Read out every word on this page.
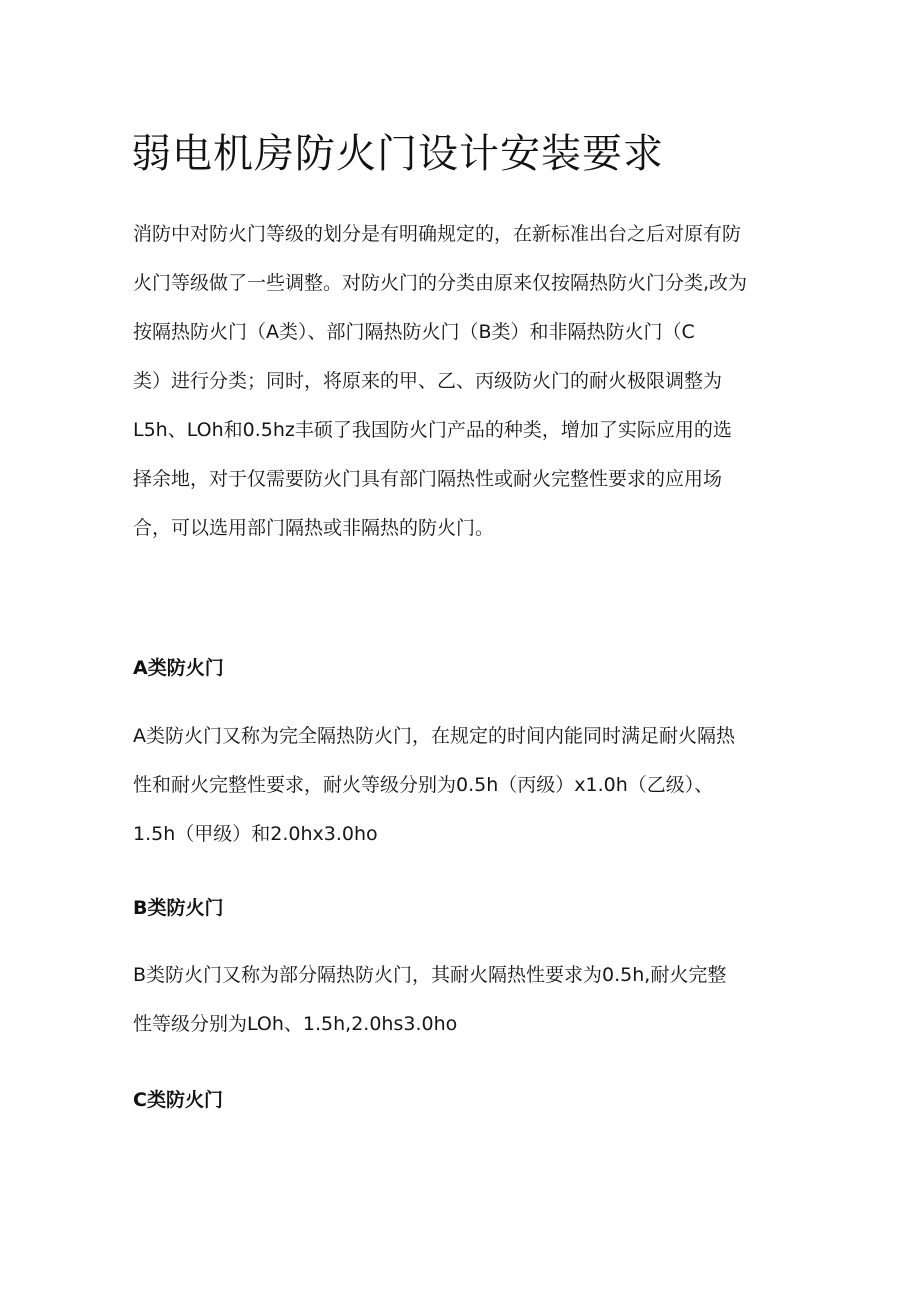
弱电机房防火门设计安装要求
消防中对防火门等级的划分是有明确规定的，在新标准出台之后对原有防
火门等级做了一些调整。对防火门的分类由原来仅按隔热防火门分类,改为
按隔热防火门（A类）、部门隔热防火门（B类）和非隔热防火门（C
类）进行分类；同时，将原来的甲、乙、丙级防火门的耐火极限调整为
L5h、LOh和0.5hz丰硕了我国防火门产品的种类，增加了实际应用的选
择余地，对于仅需要防火门具有部门隔热性或耐火完整性要求的应用场
合，可以选用部门隔热或非隔热的防火门。
A类防火门
A类防火门又称为完全隔热防火门，在规定的时间内能同时满足耐火隔热
性和耐火完整性要求，耐火等级分别为0.5h（丙级）x1.0h（乙级）、
1.5h（甲级）和2.0hx3.0ho
B类防火门
B类防火门又称为部分隔热防火门，其耐火隔热性要求为0.5h,耐火完整
性等级分别为LOh、1.5h,2.0hs3.0ho
C类防火门
